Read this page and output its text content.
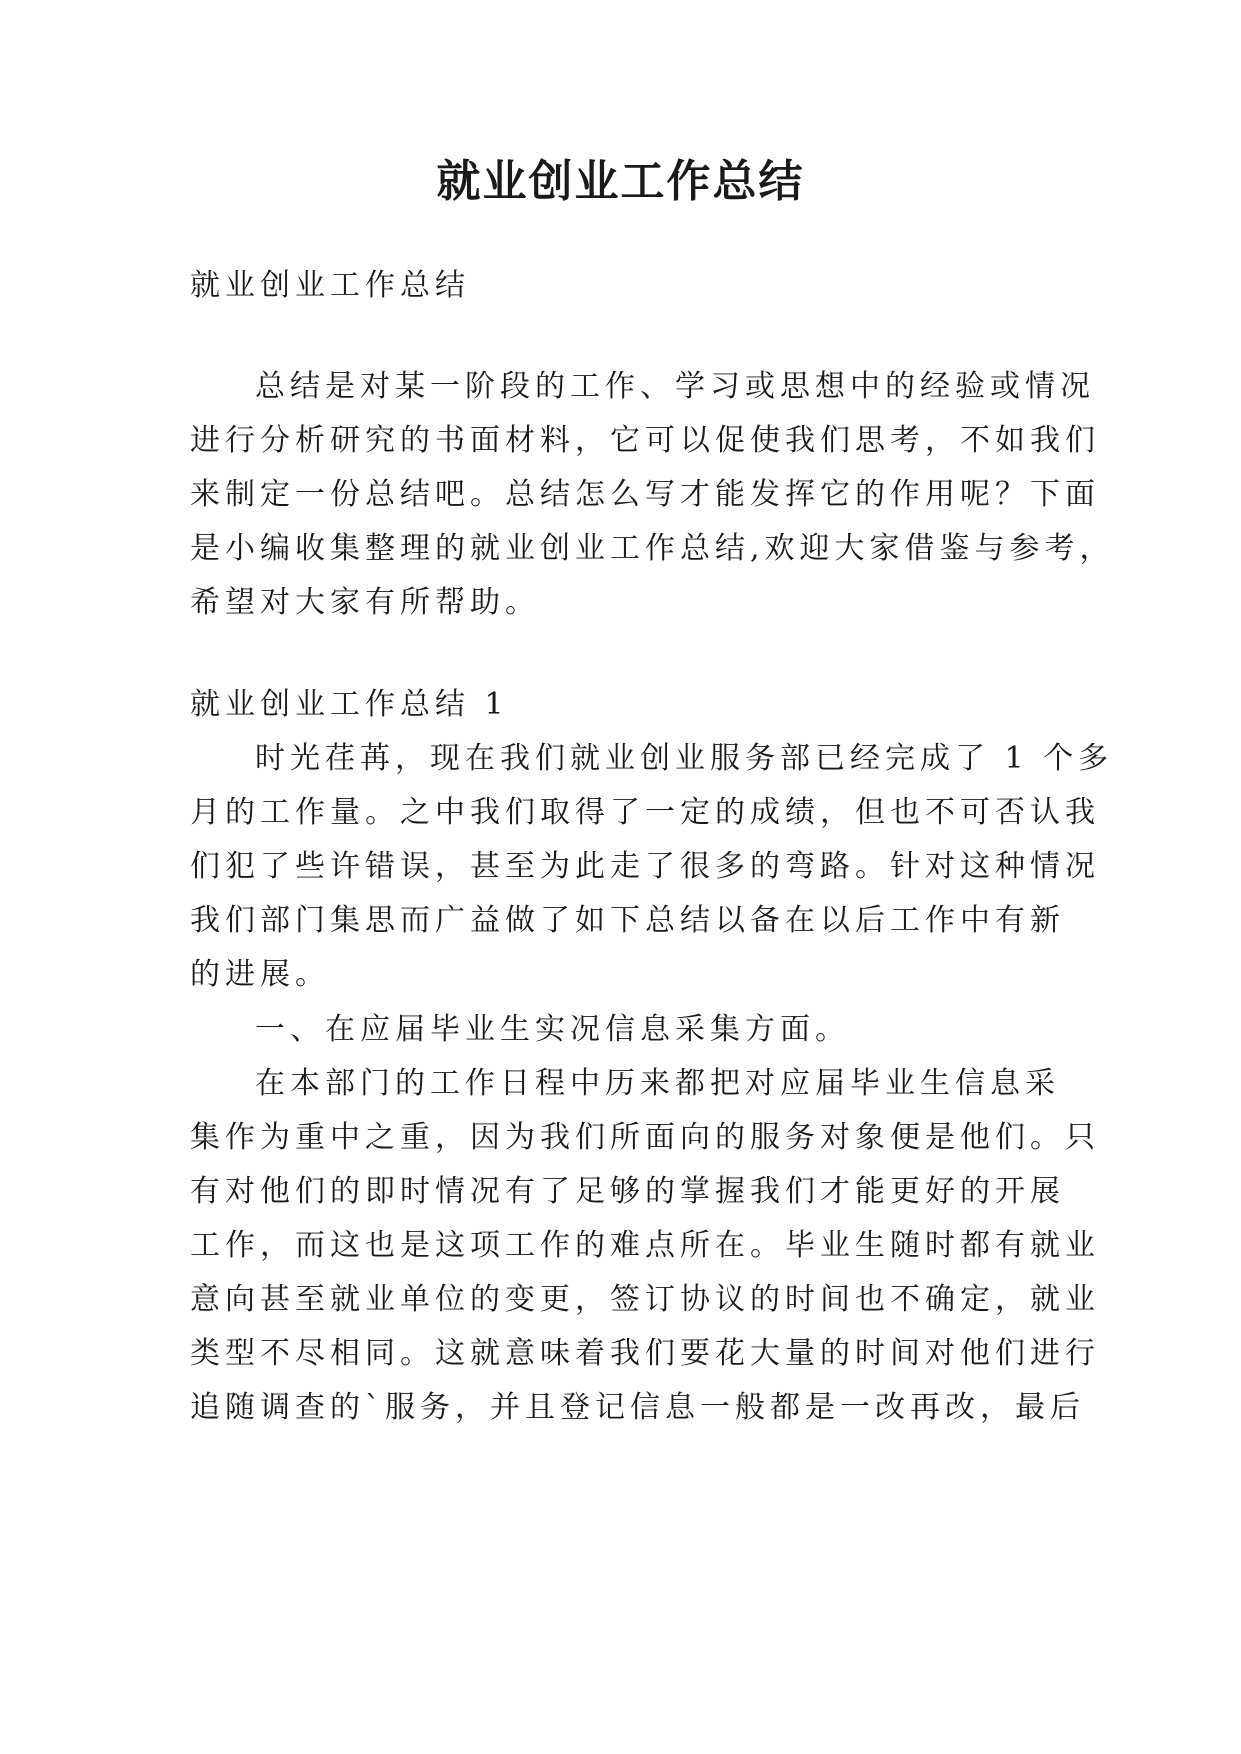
就业创业工作总结
就业创业工作总结
总结是对某一阶段的工作、学习或思想中的经验或情况
进行分析研究的书面材料，它可以促使我们思考，不如我们
来制定一份总结吧。总结怎么写才能发挥它的作用呢？下面
是小编收集整理的就业创业工作总结,欢迎大家借鉴与参考，
希望对大家有所帮助。
就业创业工作总结 1
时光荏苒，现在我们就业创业服务部已经完成了 1 个多
月的工作量。之中我们取得了一定的成绩，但也不可否认我
们犯了些许错误，甚至为此走了很多的弯路。针对这种情况
我们部门集思而广益做了如下总结以备在以后工作中有新
的进展。
一、在应届毕业生实况信息采集方面。
在本部门的工作日程中历来都把对应届毕业生信息采
集作为重中之重，因为我们所面向的服务对象便是他们。只
有对他们的即时情况有了足够的掌握我们才能更好的开展
工作，而这也是这项工作的难点所在。毕业生随时都有就业
意向甚至就业单位的变更，签订协议的时间也不确定，就业
类型不尽相同。这就意味着我们要花大量的时间对他们进行
追随调查的`服务，并且登记信息一般都是一改再改，最后
